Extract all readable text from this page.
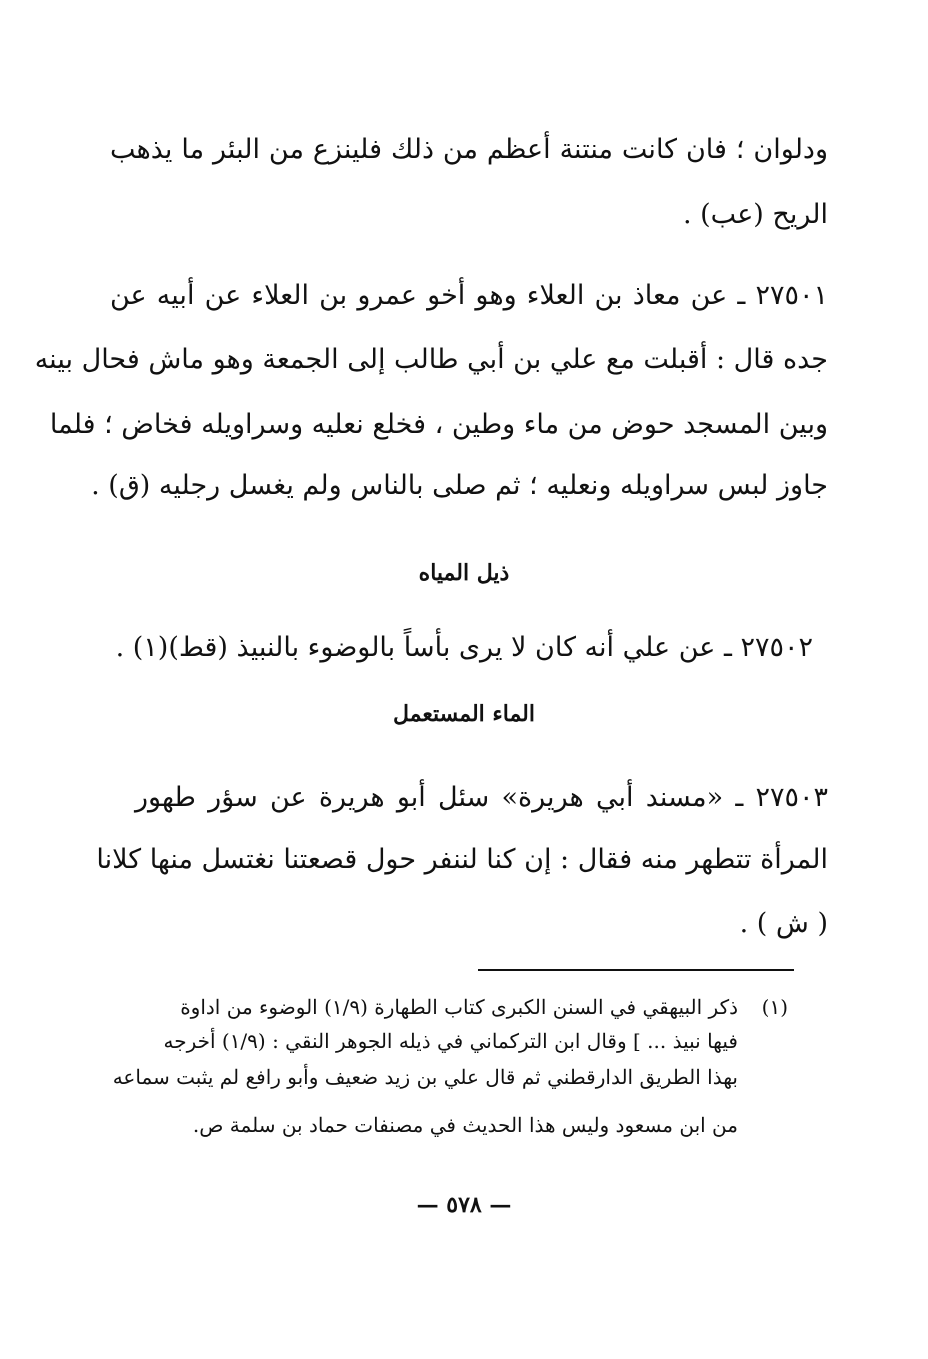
ودلوان ؛ فان كانت منتنة أعظم من ذلك فلينزع من البئر ما يذهب
الريح (عب) .
٢٧٥٠١ ـ عن معاذ بن العلاء وهو أخو عمرو بن العلاء عن أبيه عن
جده قال : أقبلت مع علي بن أبي طالب إلى الجمعة وهو ماش فحال بينه
وبين المسجد حوض من ماء وطين ، فخلع نعليه وسراويله فخاض ؛ فلما
جاوز لبس سراويله ونعليه ؛ ثم صلى بالناس ولم يغسل رجليه (ق) .
ذيل المياه
٢٧٥٠٢ ـ عن علي أنه كان لا يرى بأساً بالوضوء بالنبيذ (قط)(١) .
الماء المستعمل
٢٧٥٠٣ ـ «مسند أبي هريرة» سئل أبو هريرة عن سؤر طهور
المرأة تتطهر منه فقال : إن كنا لننفر حول قصعتنا نغتسل منها كلانا
( ش ) .
(١)
ذكر البيهقي في السنن الكبرى كتاب الطهارة (١/٩) الوضوء من اداوة
فيها نبيذ ... ] وقال ابن التركماني في ذيله الجوهر النقي : (١/٩) أخرجه
بهذا الطريق الدارقطني ثم قال علي بن زيد ضعيف وأبو رافع لم يثبت سماعه
من ابن مسعود وليس هذا الحديث في مصنفات حماد بن سلمة ص.
— ٥٧٨ —
